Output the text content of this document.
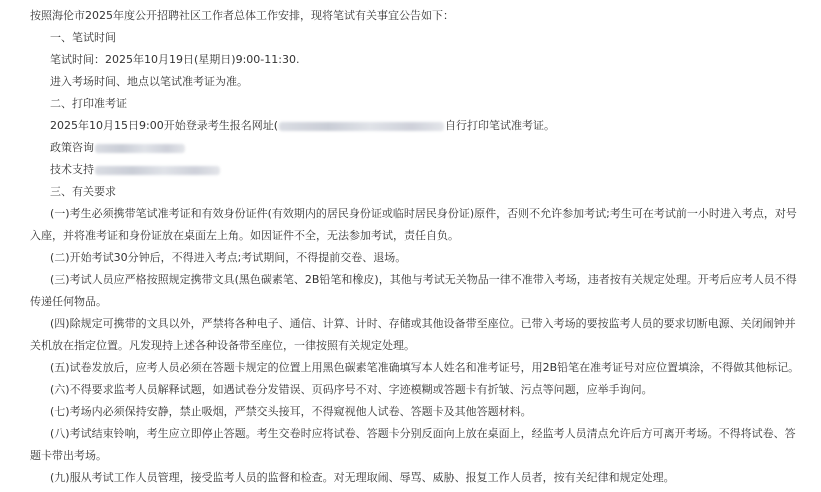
按照海伦市2025年度公开招聘社区工作者总体工作安排，现将笔试有关事宜公告如下：
一、笔试时间
笔试时间：2025年10月19日(星期日)9:00-11:30.
进入考场时间、地点以笔试准考证为准。
二、打印准考证
2025年10月15日9:00开始登录考生报名网址(	自行打印笔试准考证。
政策咨询
技术支持
三、有关要求
(一)考生必须携带笔试准考证和有效身份证件(有效期内的居民身份证或临时居民身份证)原件，否则不允许参加考试;考生可在考试前一小时进入考点，对号
入座，并将准考证和身份证放在桌面左上角。如因证件不全，无法参加考试，责任自负。
(二)开始考试30分钟后，不得进入考点;考试期间，不得提前交卷、退场。
(三)考试人员应严格按照规定携带文具(黑色碳素笔、2B铅笔和橡皮)，其他与考试无关物品一律不准带入考场，违者按有关规定处理。开考后应考人员不得
传递任何物品。
(四)除规定可携带的文具以外，严禁将各种电子、通信、计算、计时、存储或其他设备带至座位。已带入考场的要按监考人员的要求切断电源、关闭闹钟并
关机放在指定位置。凡发现持上述各种设备带至座位，一律按照有关规定处理。
(五)试卷发放后，应考人员必须在答题卡规定的位置上用黑色碳素笔准确填写本人姓名和准考证号，用2B铅笔在准考证号对应位置填涂，不得做其他标记。
(六)不得要求监考人员解释试题，如遇试卷分发错误、页码序号不对、字迹模糊或答题卡有折皱、污点等问题，应举手询问。
(七)考场内必须保持安静，禁止吸烟，严禁交头接耳，不得窥视他人试卷、答题卡及其他答题材料。
(八)考试结束铃响，考生应立即停止答题。考生交卷时应将试卷、答题卡分别反面向上放在桌面上，经监考人员清点允许后方可离开考场。不得将试卷、答
题卡带出考场。
(九)服从考试工作人员管理，接受监考人员的监督和检查。对无理取闹、辱骂、威胁、报复工作人员者，按有关纪律和规定处理。
